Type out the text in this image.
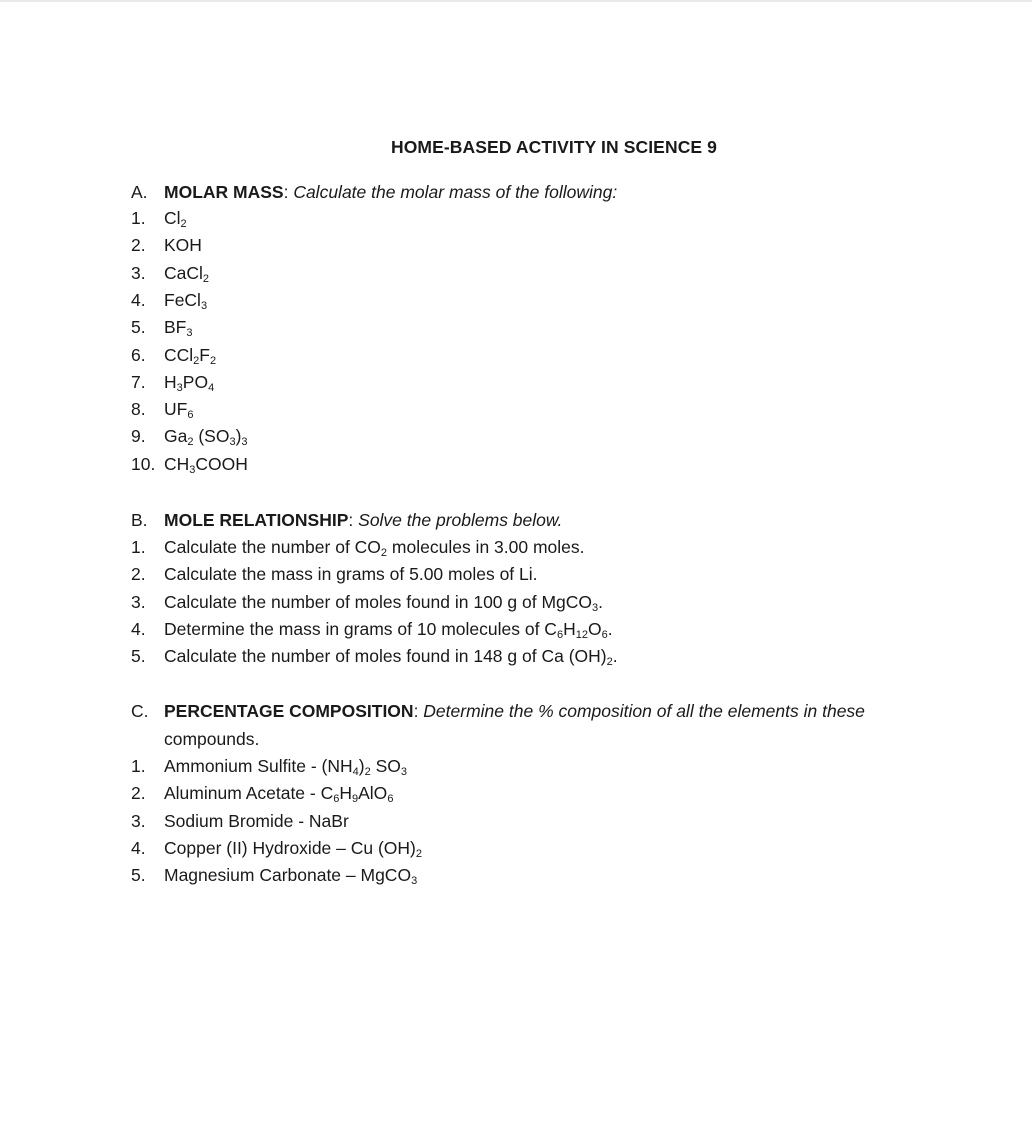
HOME-BASED ACTIVITY IN SCIENCE 9
A. MOLAR MASS: Calculate the molar mass of the following:
1. $Cl_2$
2. KOH
3. CaCl$_2$
4. FeCl$_3$
5. $BF_3$
6. $CCl_2F_2$
7. $H_3PO_4$
8. $UF_6$
9. $Ga_2$ $(SO_3)_3$
10. $CH_3COOH$
B. MOLE RELATIONSHIP: Solve the problems below.
1. Calculate the number of $CO_2$ molecules in 3.00 moles.
2. Calculate the mass in grams of 5.00 moles of Li.
3. Calculate the number of moles found in 100 g of MgCO$_3$.
4. Determine the mass in grams of 10 molecules of $C_6H_{12}O_6$.
5. Calculate the number of moles found in 148 g of Ca $(OH)_2$.
C. PERCENTAGE COMPOSITION: Determine the % composition of all the elements in these
compounds.
1. Ammonium Sulfite - $(NH_4)_2$ $SO_3$
2. Aluminum Acetate - $C_6H_9AlO_6$
3. Sodium Bromide - NaBr
4. Copper (II) Hydroxide – Cu $(OH)_2$
5. Magnesium Carbonate – MgCO$_3$
